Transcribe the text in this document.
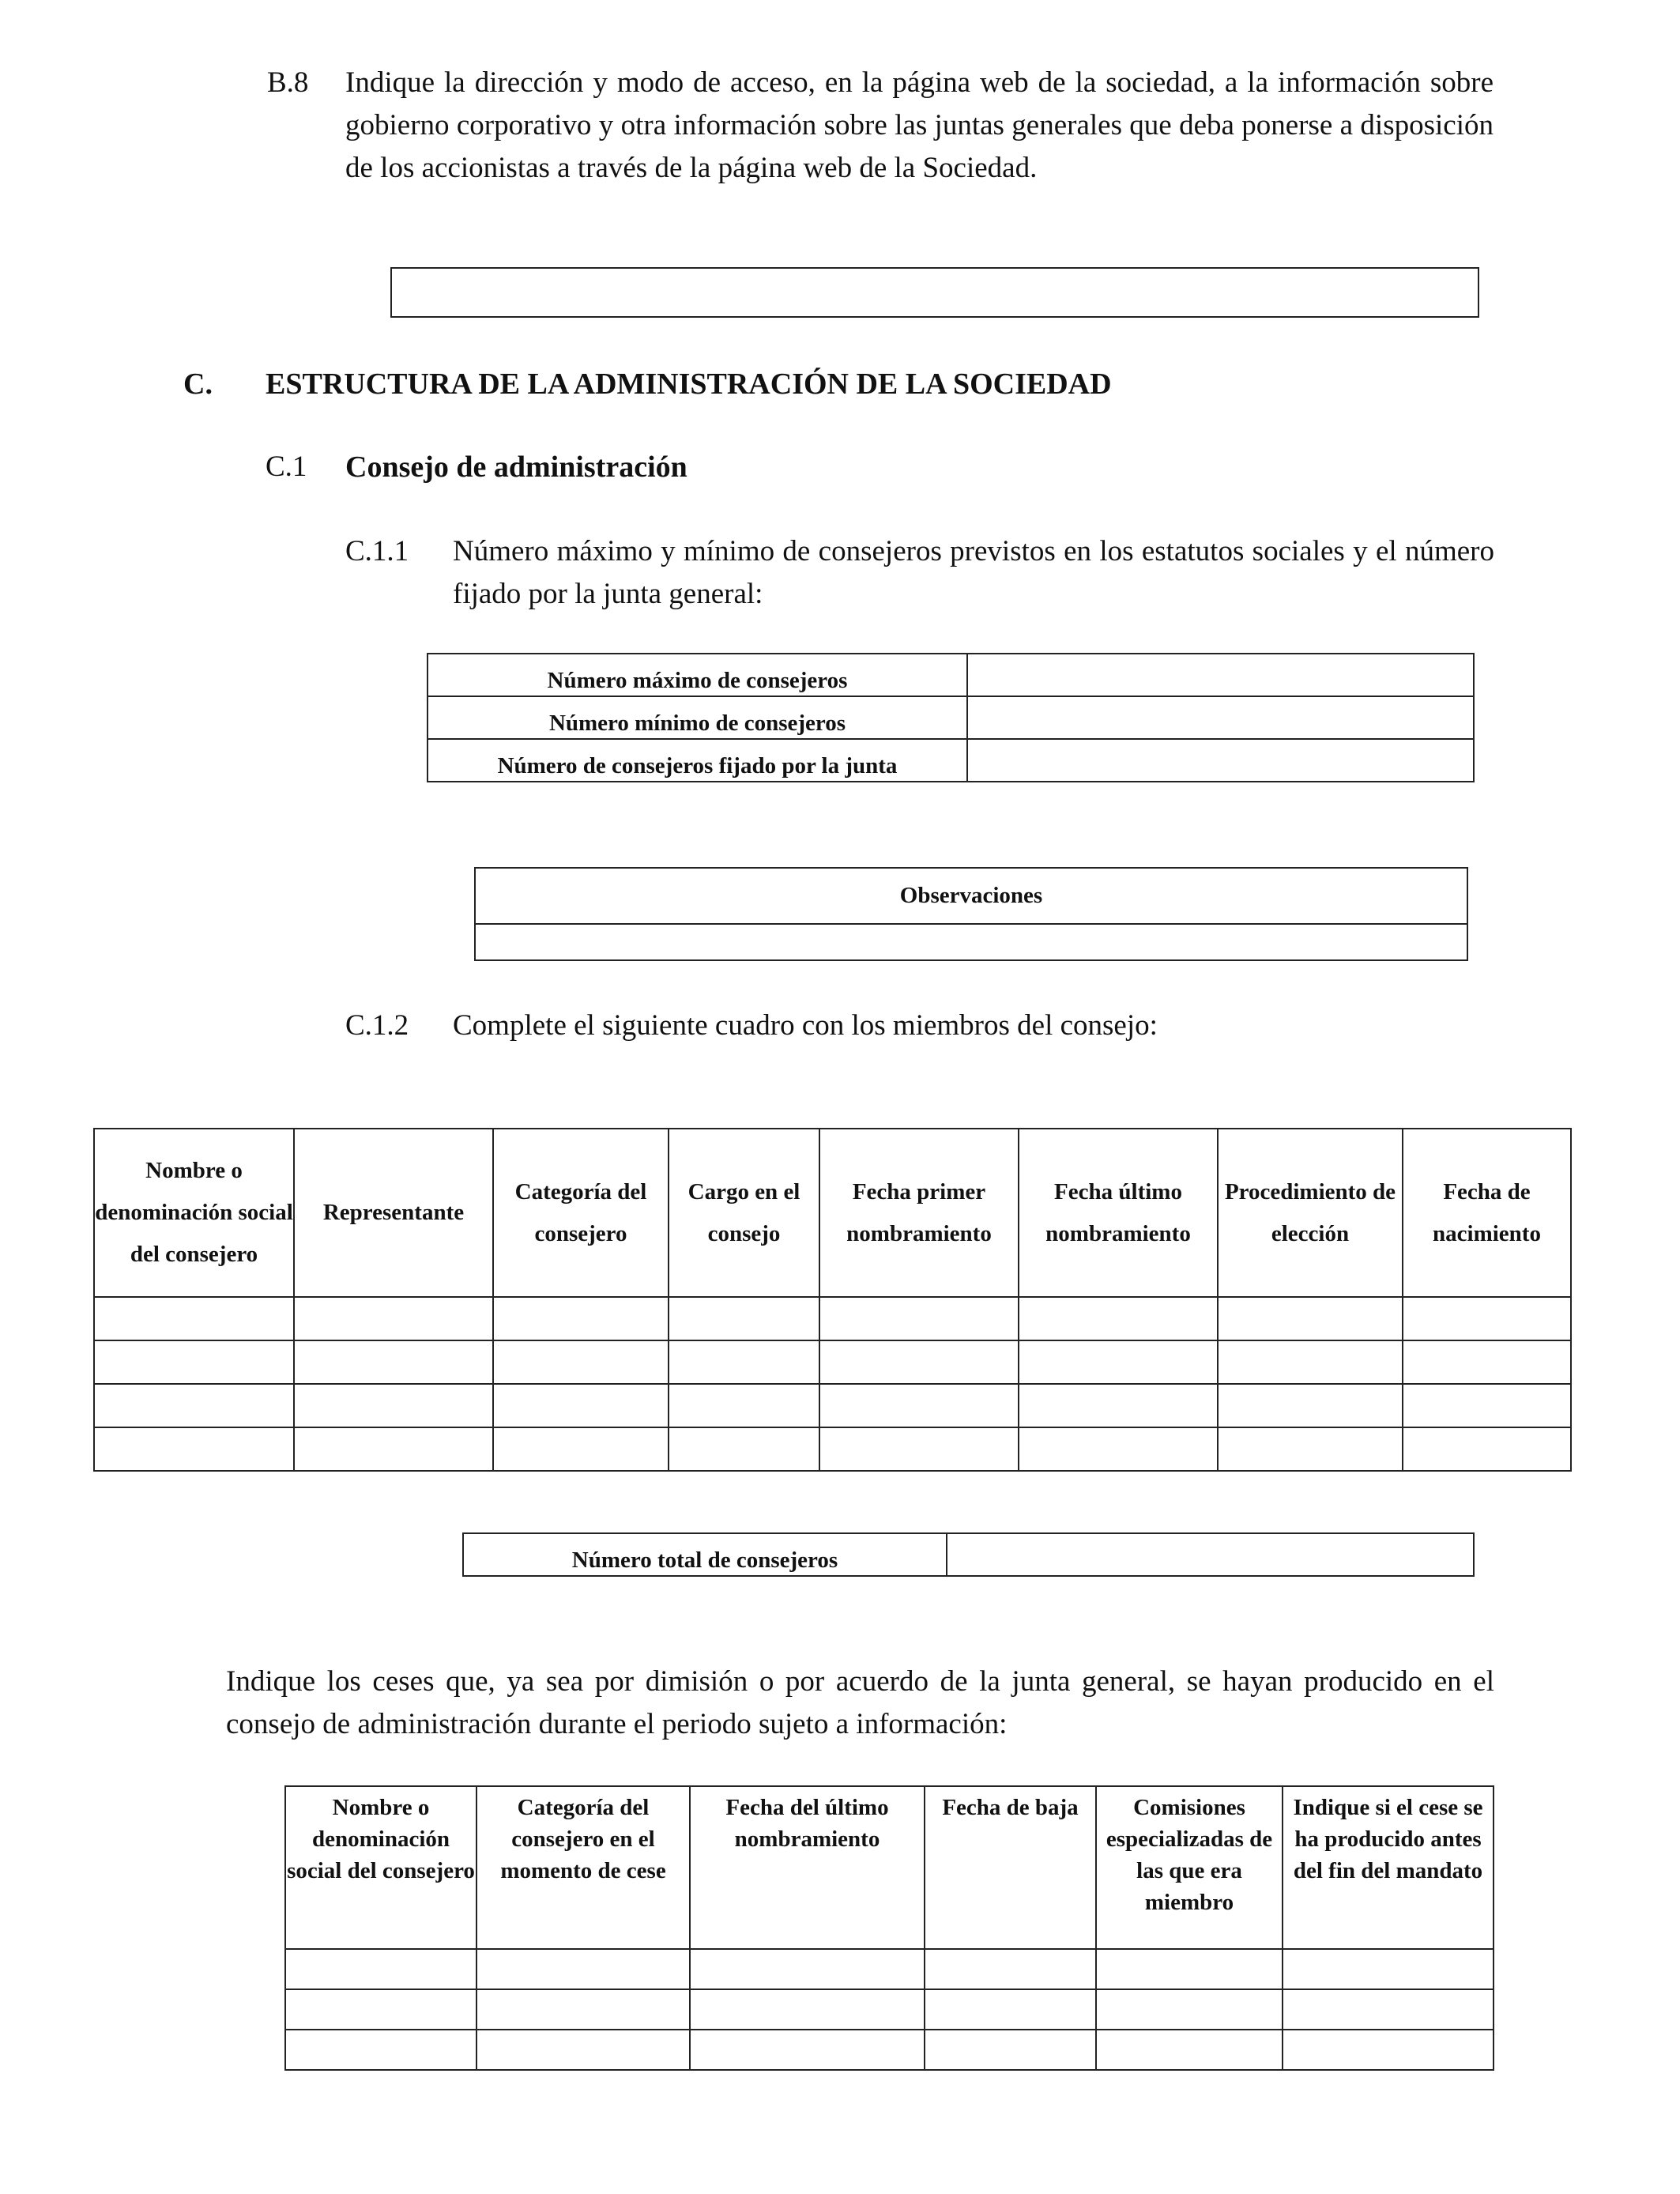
B.8 Indique la dirección y modo de acceso, en la página web de la sociedad, a la información sobre gobierno corporativo y otra información sobre las juntas generales que deba ponerse a disposición de los accionistas a través de la página web de la Sociedad.
C. ESTRUCTURA DE LA ADMINISTRACIÓN DE LA SOCIEDAD
C.1 Consejo de administración
C.1.1 Número máximo y mínimo de consejeros previstos en los estatutos sociales y el número fijado por la junta general:
Número máximo de consejeros	
Número mínimo de consejeros	
Número de consejeros fijado por la junta	
Observaciones

C.1.2 Complete el siguiente cuadro con los miembros del consejo:
Nombre o denominación social del consejero	Representante	Categoría del consejero	Cargo en el consejo	Fecha primer nombramiento	Fecha último nombramiento	Procedimiento de elección	Fecha de nacimiento

Número total de consejeros	
Indique los ceses que, ya sea por dimisión o por acuerdo de la junta general, se hayan producido en el consejo de administración durante el periodo sujeto a información:
Nombre o denominación social del consejero	Categoría del consejero en el momento de cese	Fecha del último nombramiento	Fecha de baja	Comisiones especializadas de las que era miembro	Indique si el cese se ha producido antes del fin del mandato
